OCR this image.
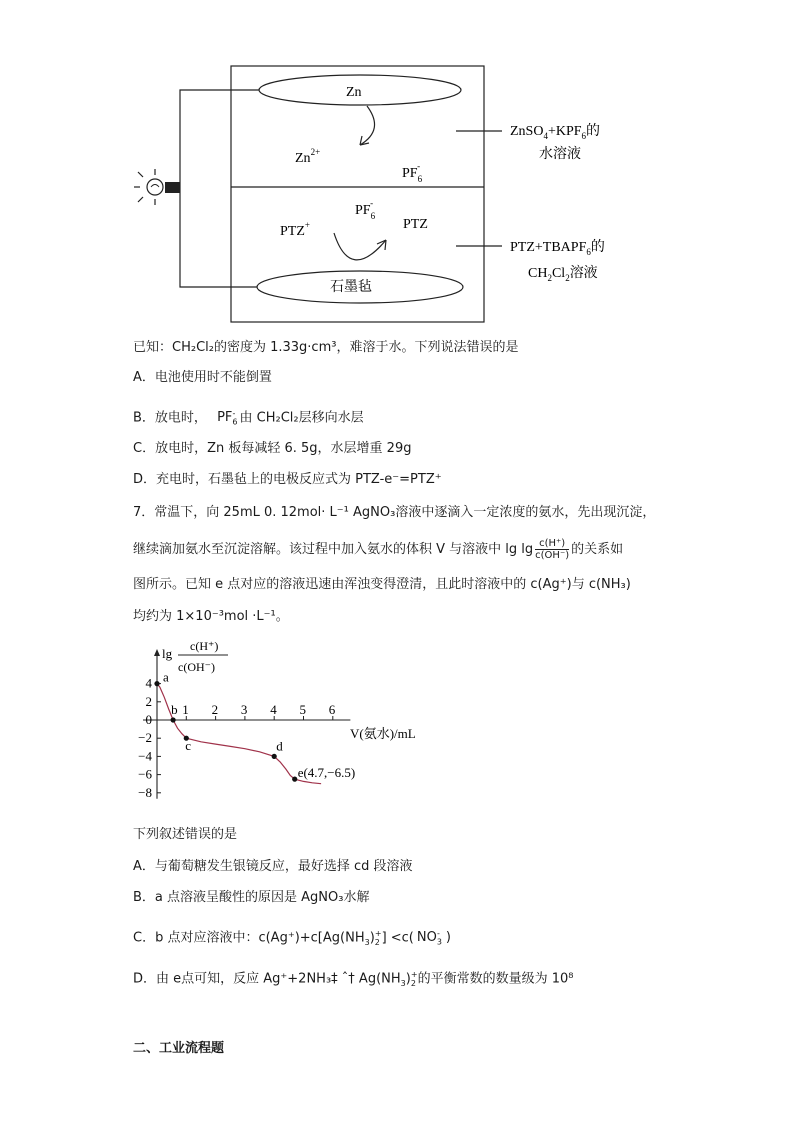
Zn
$Zn^{2+}$
$PF_6-$
$PF_6-$
PTZ+	PTZ
石墨毡
$ZnSO_4+KPF_6$的
水溶液
$PTZ+TBAPF_6$的
$CH_2Cl_2$溶液
已知：CH₂Cl₂的密度为 1.33g·cm³，难溶于水。下列说法错误的是
A．电池使用时不能倒置
B．放电时， $PF_6^-$ 由 CH₂Cl₂层移向水层
C．放电时，Zn 板每减轻 6. 5g，水层增重 29g
D．充电时，石墨毡上的电极反应式为 PTZ-e⁻=PTZ⁺
7．常温下，向 25mL 0. 12mol· L⁻¹ AgNO₃溶液中逐滴入一定浓度的氨水，先出现沉淀，
继续滴加氨水至沉淀溶解。该过程中加入氨水的体积 V 与溶液中 $\lg \lg \frac{c(H^+)}{c(OH^-)}$ 的关系如
图所示。已知 e 点对应的溶液迅速由浑浊变得澄清，且此时溶液中的 c(Ag⁺)与 c(NH₃)
均约为 1×10⁻³mol ·L⁻¹。
1 2 3 4 5 6
4
2
0
−2
−4
−6
−8
a
b
c	d
e(4.7,−6.5)
lg c(H⁺)
c(OH⁻)
V(氨水)/mL
下列叙述错误的是
A．与葡萄糖发生银镜反应，最好选择 cd 段溶液
B．a 点溶液呈酸性的原因是 AgNO₃水解
C．b 点对应溶液中：$c(Ag^+)+c[Ag(NH_3)_2^+] <c$( $NO_3^-$ )
D．由 e点可知，反应 Ag⁺+2NH₃‡ ˆ† $Ag(NH_3)_2^+$的平衡常数的数量级为 10⁸
二、工业流程题
